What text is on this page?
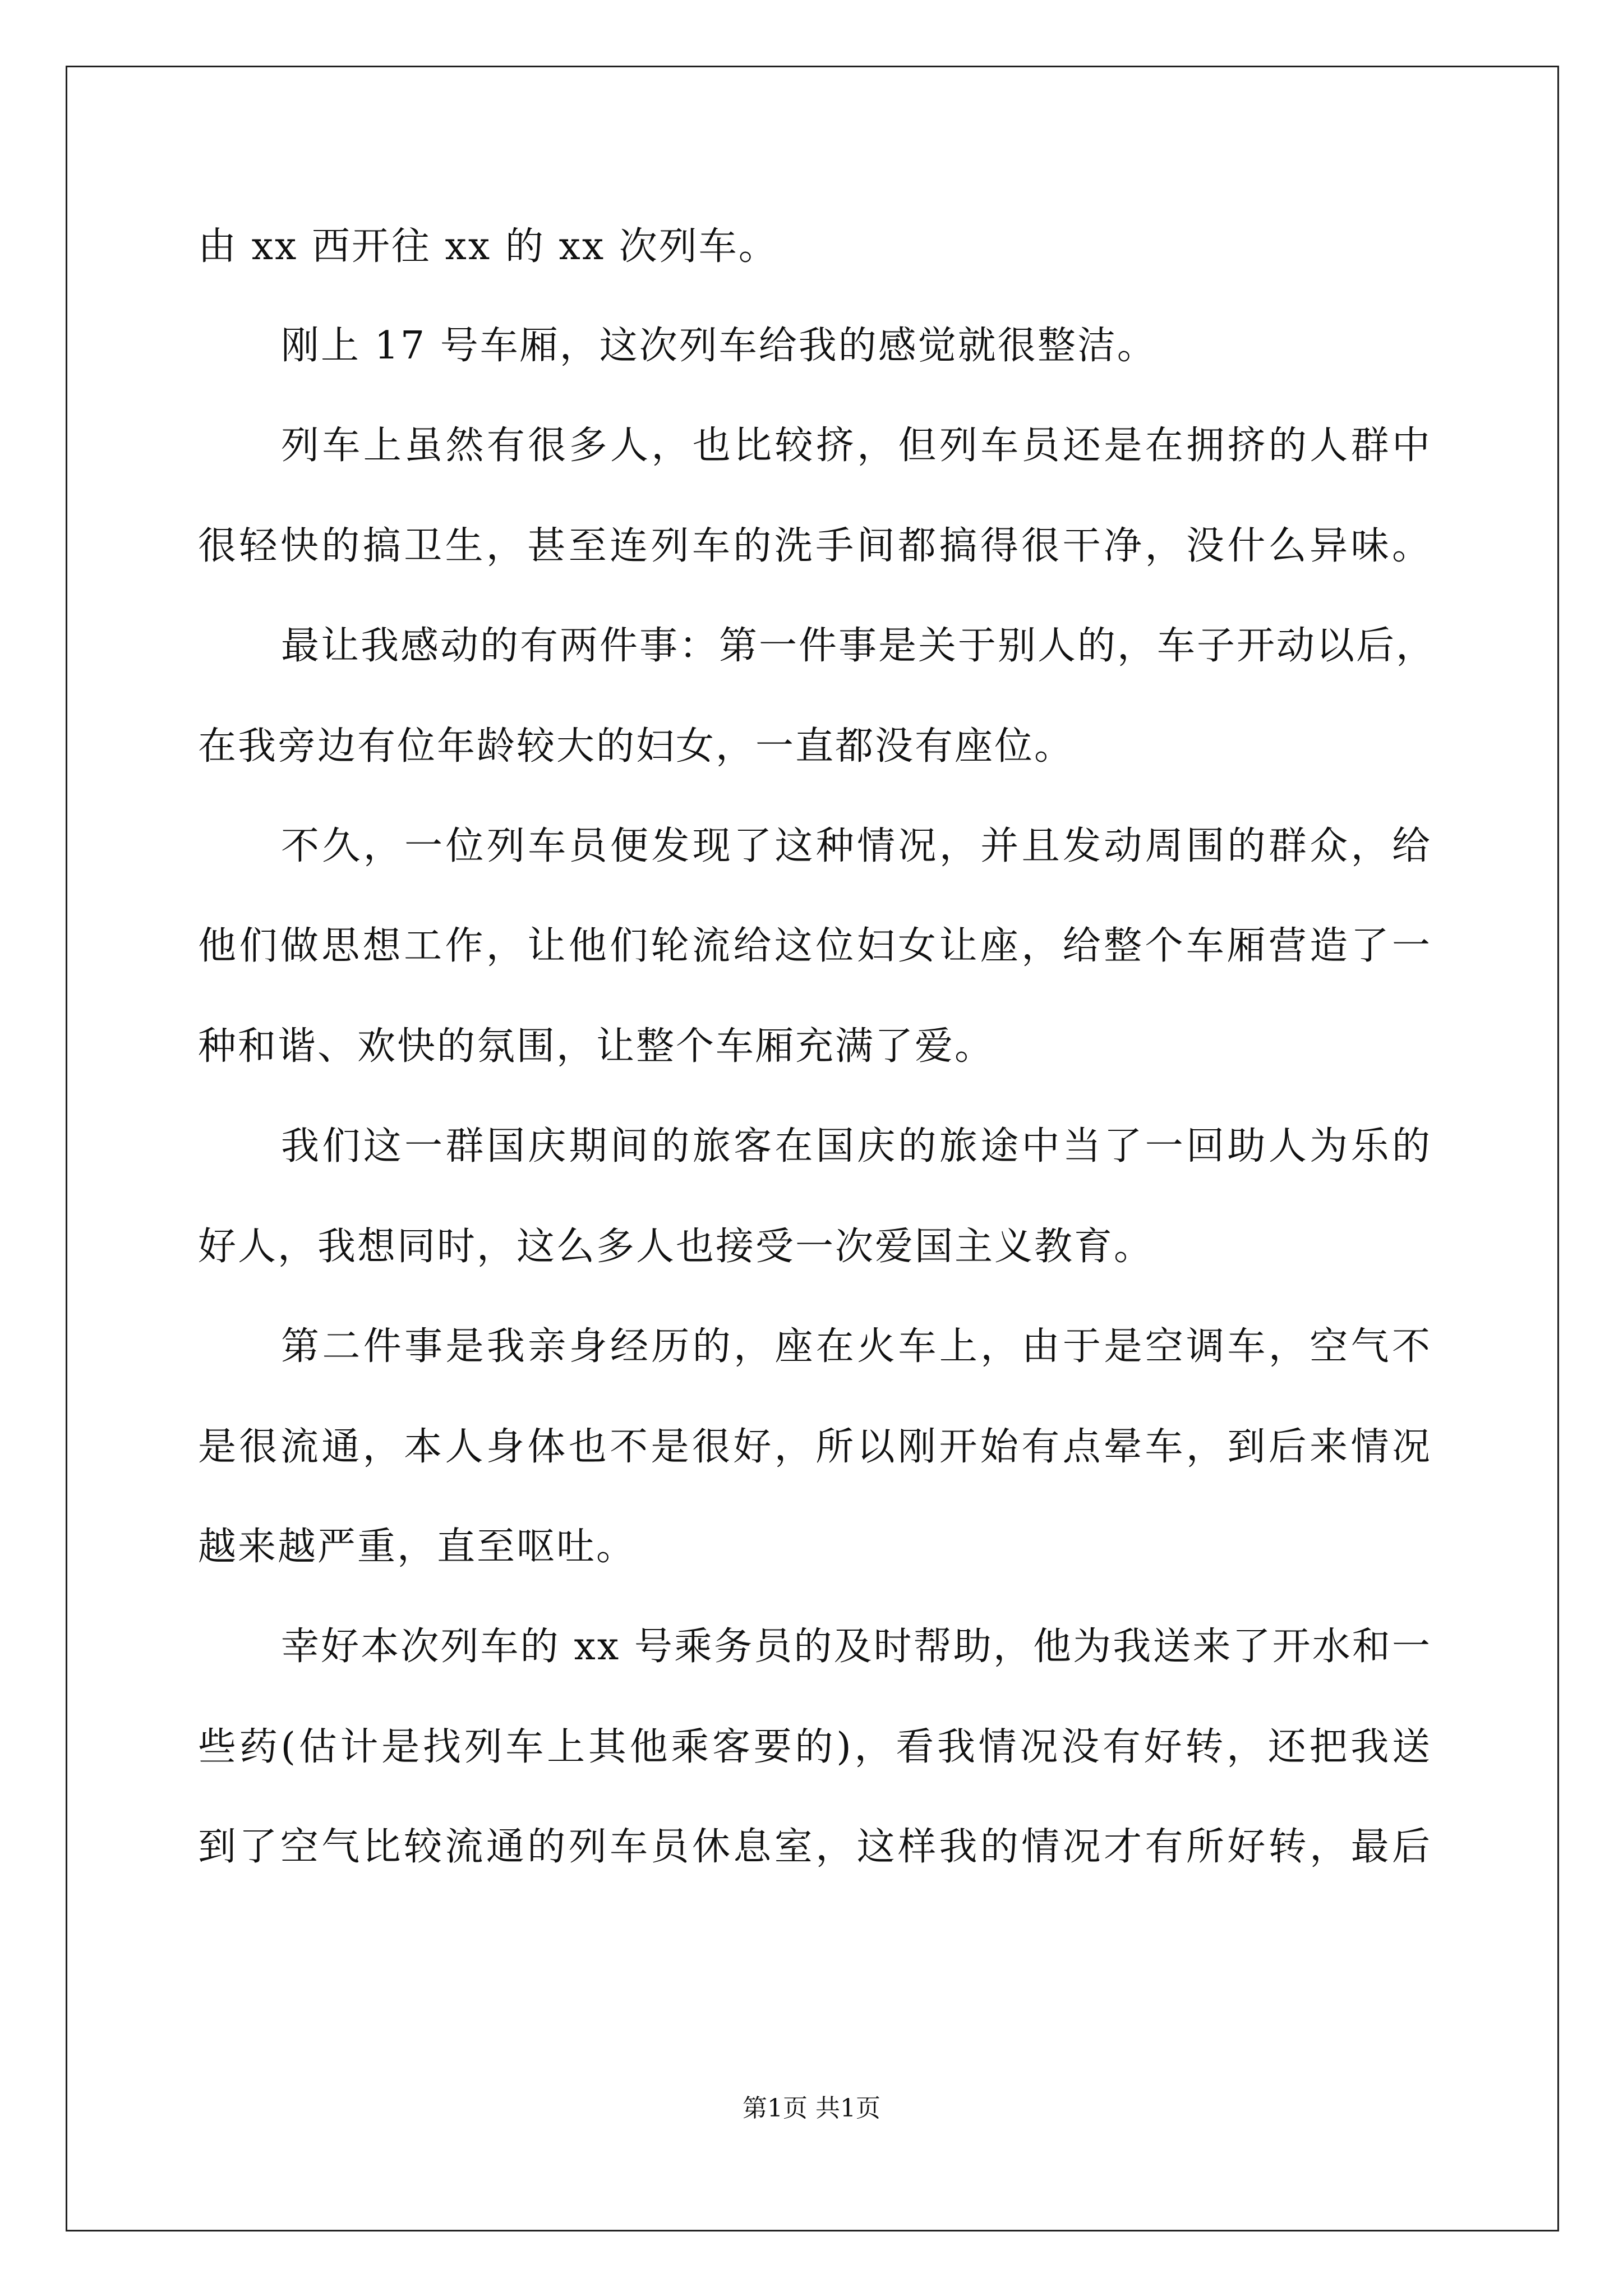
由 xx 西开往 xx 的 xx 次列车。
刚上 17 号车厢，这次列车给我的感觉就很整洁。
列车上虽然有很多人，也比较挤，但列车员还是在拥挤的人群中
很轻快的搞卫生，甚至连列车的洗手间都搞得很干净，没什么异味。
最让我感动的有两件事：第一件事是关于别人的，车子开动以后，
在我旁边有位年龄较大的妇女，一直都没有座位。
不久，一位列车员便发现了这种情况，并且发动周围的群众，给
他们做思想工作，让他们轮流给这位妇女让座，给整个车厢营造了一
种和谐、欢快的氛围，让整个车厢充满了爱。
我们这一群国庆期间的旅客在国庆的旅途中当了一回助人为乐的
好人，我想同时，这么多人也接受一次爱国主义教育。
第二件事是我亲身经历的，座在火车上，由于是空调车，空气不
是很流通，本人身体也不是很好，所以刚开始有点晕车，到后来情况
越来越严重，直至呕吐。
幸好本次列车的 xx 号乘务员的及时帮助，他为我送来了开水和一
些药(估计是找列车上其他乘客要的)，看我情况没有好转，还把我送
到了空气比较流通的列车员休息室，这样我的情况才有所好转，最后
第1页 共1页
